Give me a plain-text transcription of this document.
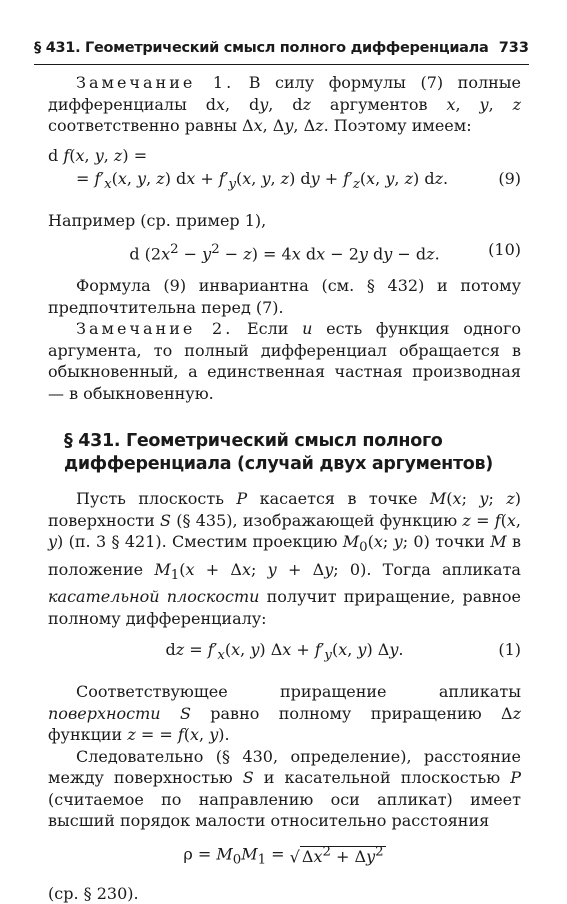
§ 431. Геометрический смысл полного дифференциала 733

Замечание 1. В силу формулы (7) полные дифференциалы dx, dy, dz аргументов x, y, z соответственно равны Δx, Δy, Δz. Поэтому имеем:

d f(x, y, z) =
= $f'_x(x$, y, z) dx + $f'_y(x$, y, z) dy + $f'_z(x$, y, z) dz.	(9)

Например (ср. пример 1),

d $(2x^2 - y^2 - z) = 4x$ dx − 2y dy − dz.	(10)

Формула (9) инвариантна (см. § 432) и потому предпочтительна перед (7).

Замечание 2. Если u есть функция одного аргумента, то полный дифференциал обращается в обыкновенный, а единственная частная производная — в обыкновенную.

§ 431. Геометрический смысл полного дифференциала (случай двух аргументов)

Пусть плоскость P касается в точке M(x; y; z) поверхности S (§ 435), изображающей функцию z = f(x, y) (п. 3 § 421). Сместим проекцию $M_0(x$; y; 0) точки M в положение $M_1(x + \Delta x$; y + Δy; 0). Тогда апликата касательной плоскости получит приращение, равное полному дифференциалу:

dz = $f'_x(x$, y) $\Delta x + f'_y(x$, y) Δy.	(1)

Соответствующее приращение апликаты поверхности S равно полному приращению Δz функции z = = f(x, y).

Следовательно (§ 430, определение), расстояние между поверхностью S и касательной плоскостью P (считаемое по направлению оси апликат) имеет высший порядок малости относительно расстояния

$\rho = M_0M_1$ = √ $\Delta x^2 + \Delta y^2$

(ср. § 230).
